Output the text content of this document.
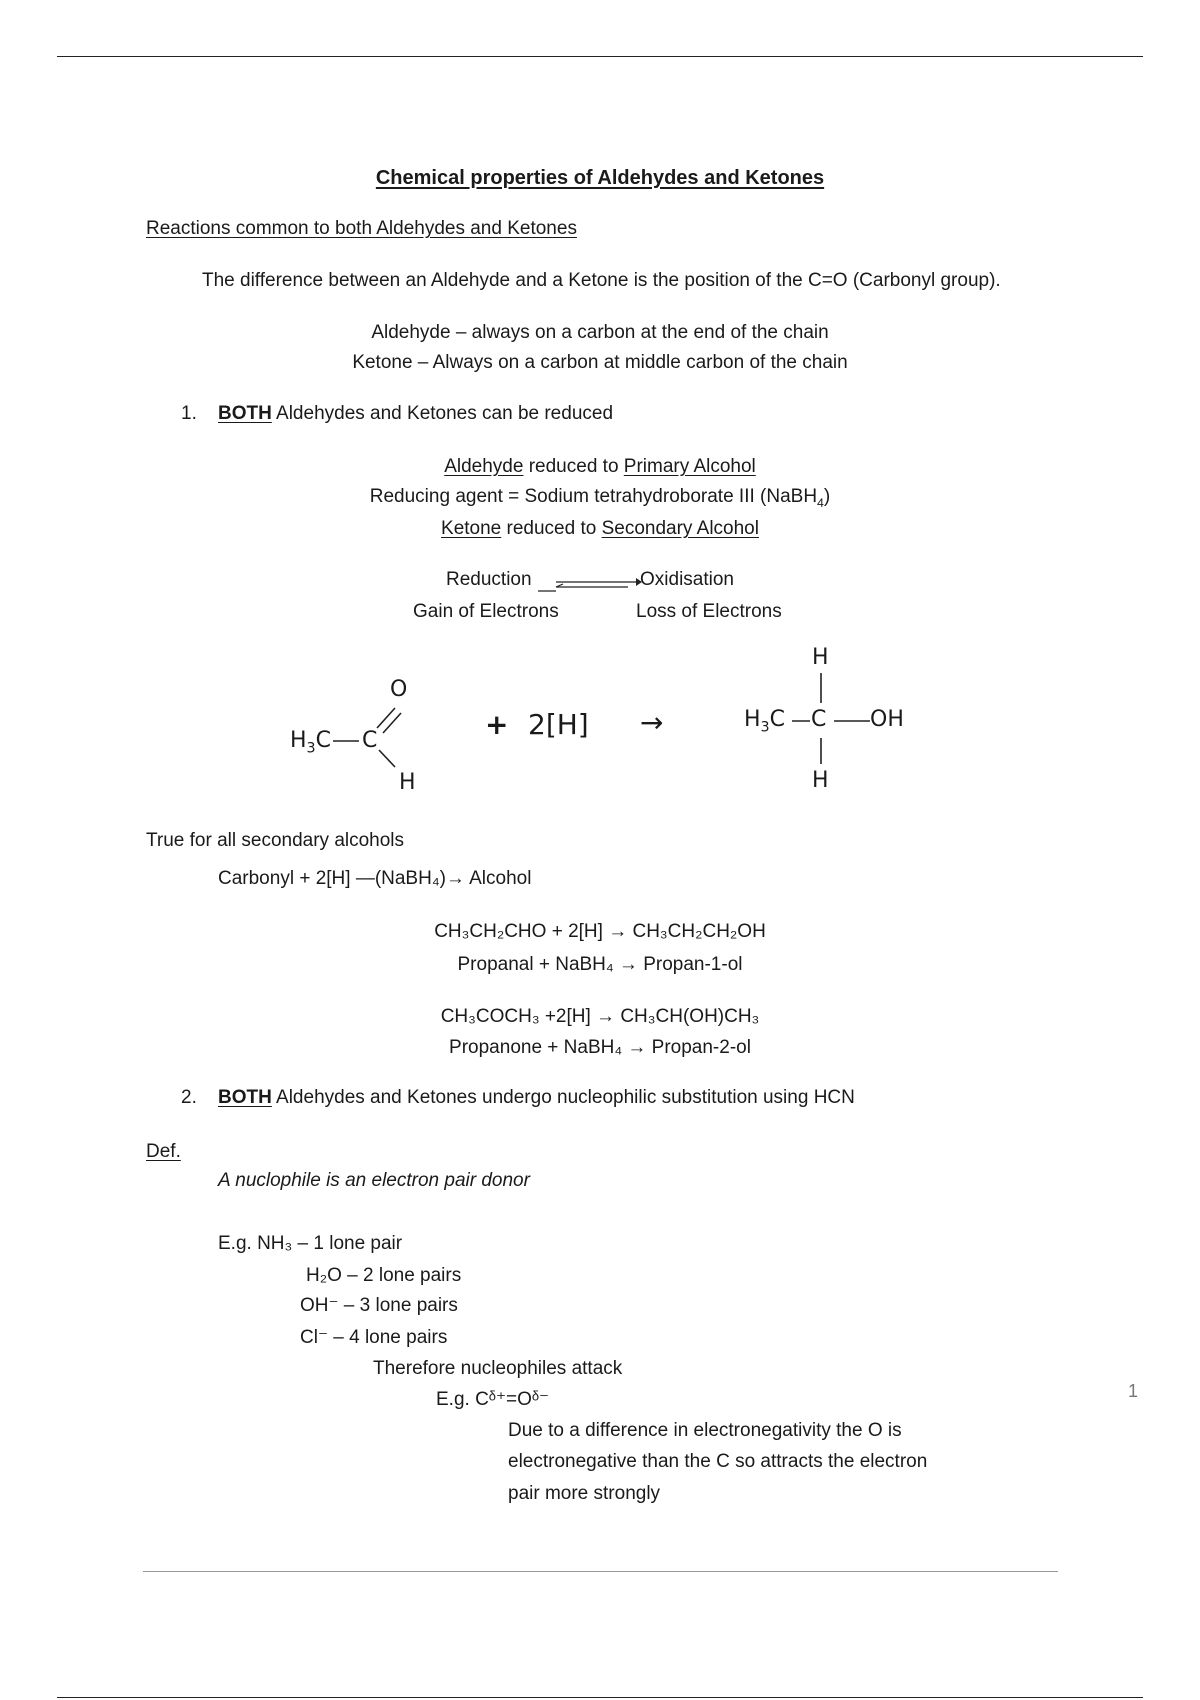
Chemical properties of Aldehydes and Ketones
Reactions common to both Aldehydes and Ketones
The difference between an Aldehyde and a Ketone is the position of the C=O (Carbonyl group).
Aldehyde – always on a carbon at the end of the chain
Ketone – Always on a carbon at middle carbon of the chain
1. BOTH Aldehydes and Ketones can be reduced
Aldehyde reduced to Primary Alcohol
Reducing agent = Sodium tetrahydroborate III (NaBH$_4$)
Ketone reduced to Secondary Alcohol
Reduction	Oxidisation
Gain of Electrons	Loss of Electrons
O
$H_3C$ C
H
+ 2[H] →
H
$H_3C$ C OH
H
True for all secondary alcohols
Carbonyl + 2[H] ―(NaBH₄)→ Alcohol
CH₃CH₂CHO + 2[H] → CH₃CH₂CH₂OH
Propanal + NaBH₄ → Propan-1-ol
CH₃COCH₃ +2[H] → CH₃CH(OH)CH₃
Propanone + NaBH₄ → Propan-2-ol
2. BOTH Aldehydes and Ketones undergo nucleophilic substitution using HCN
Def.
A nuclophile is an electron pair donor
E.g. NH₃ – 1 lone pair
H₂O – 2 lone pairs
OH⁻ – 3 lone pairs
Cl⁻ – 4 lone pairs
Therefore nucleophiles attack
E.g. Cᵟ⁺=Oᵟ⁻
Due to a difference in electronegativity the O is
electronegative than the C so attracts the electron
pair more strongly
1
